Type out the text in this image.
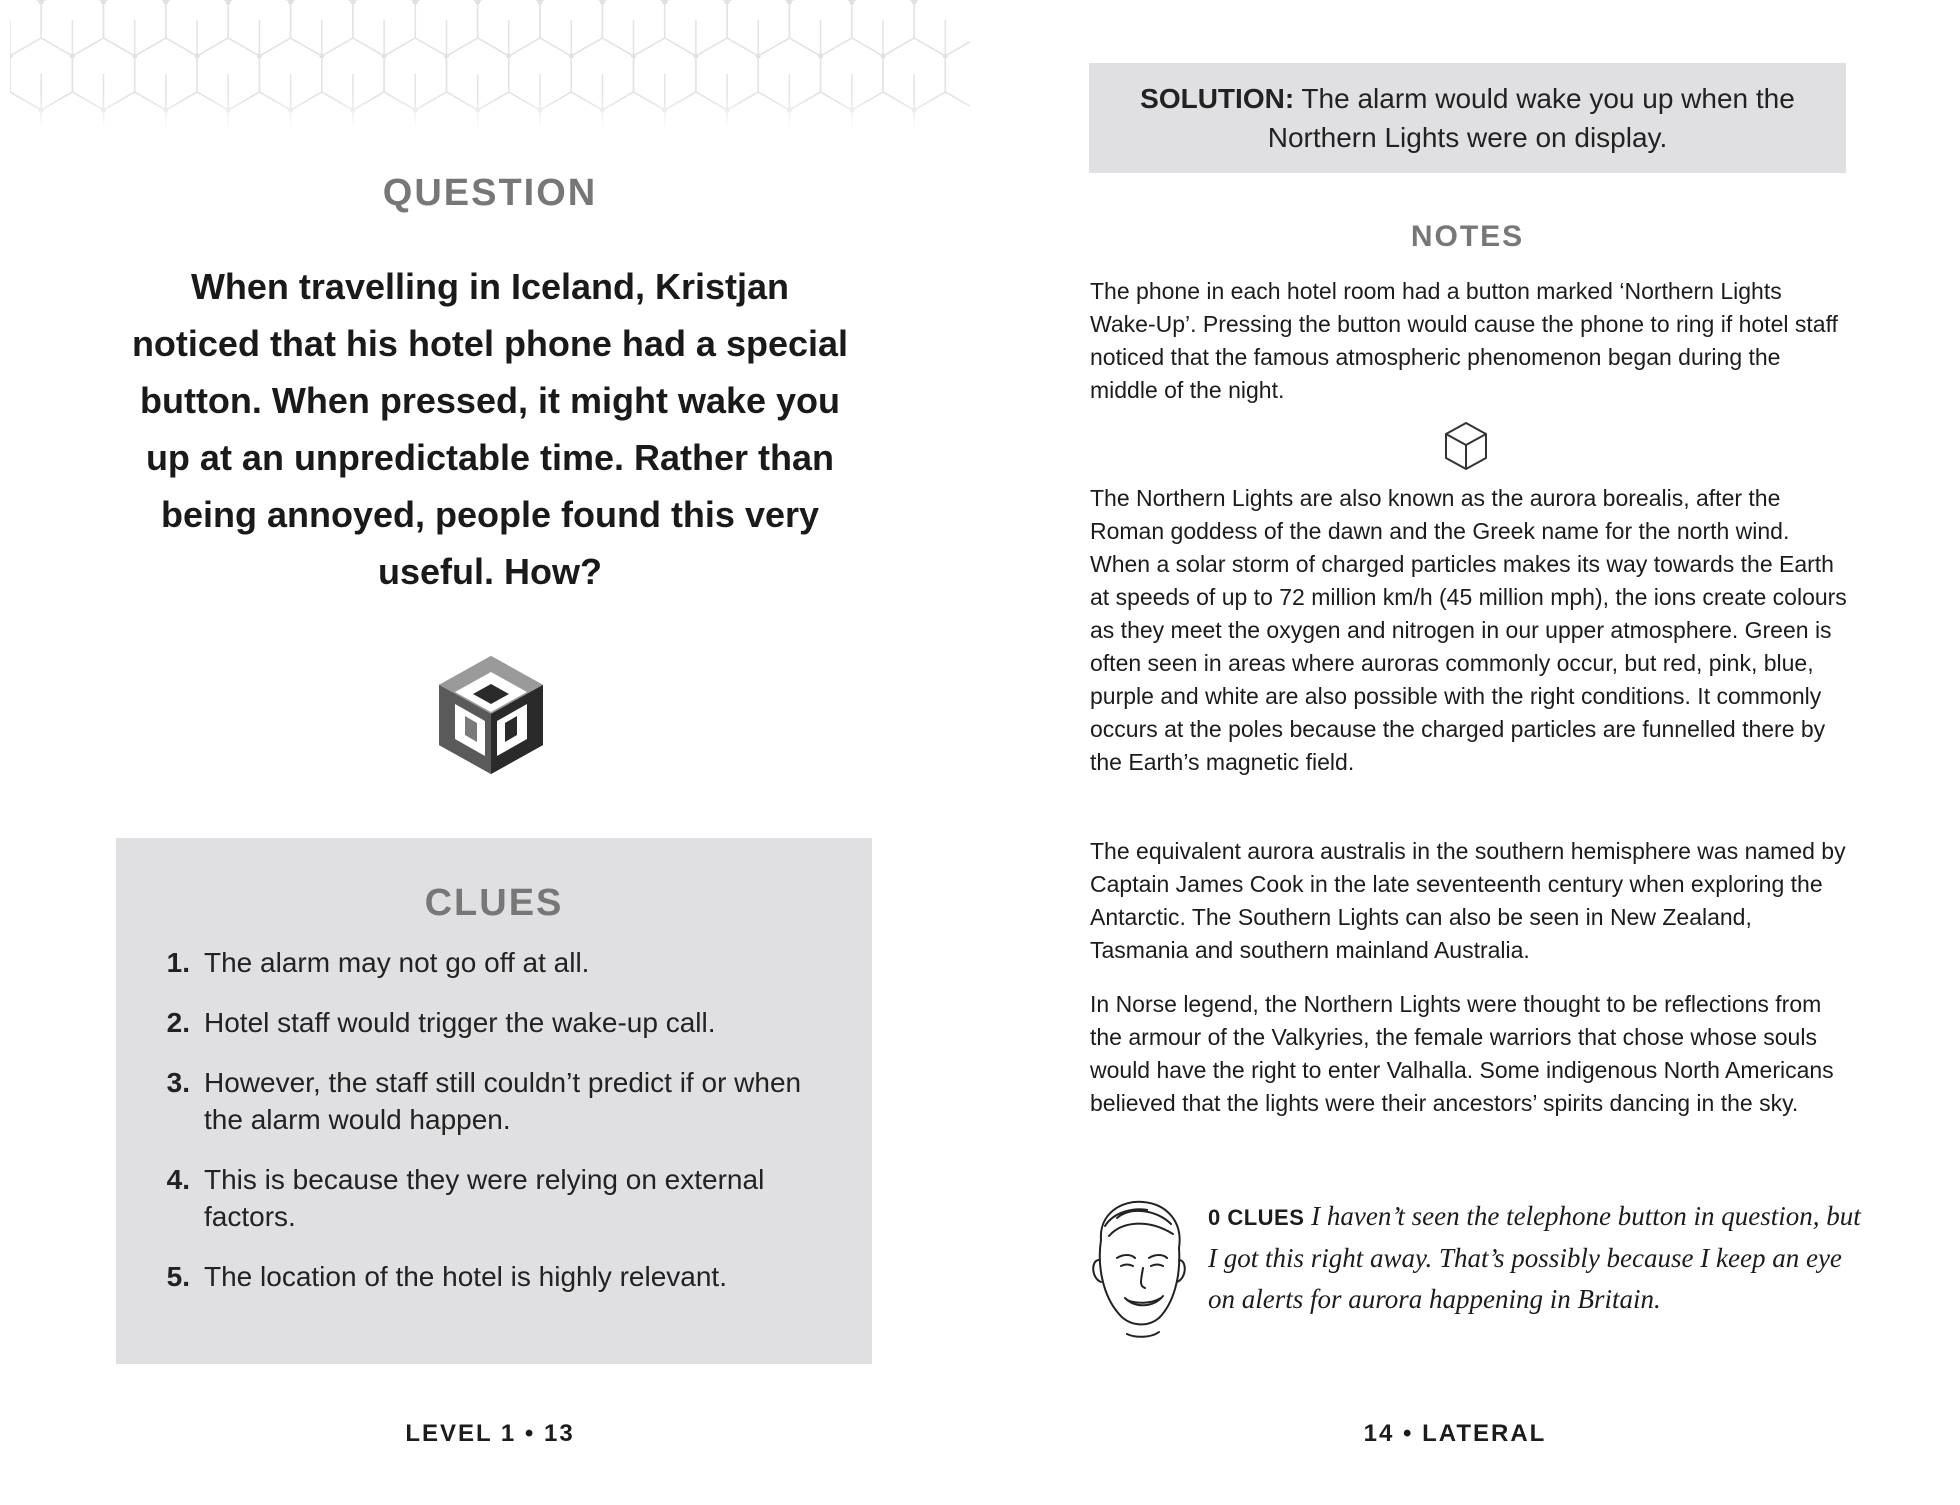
QUESTION
When travelling in Iceland, Kristjan noticed that his hotel phone had a special button. When pressed, it might wake you up at an unpredictable time. Rather than being annoyed, people found this very useful. How?
CLUES
1. The alarm may not go off at all.
2. Hotel staff would trigger the wake-up call.
3. However, the staff still couldn’t predict if or when the alarm would happen.
4. This is because they were relying on external factors.
5. The location of the hotel is highly relevant.
LEVEL 1 • 13
SOLUTION: The alarm would wake you up when the Northern Lights were on display.
NOTES

The phone in each hotel room had a button marked ‘Northern Lights Wake-Up’. Pressing the button would cause the phone to ring if hotel staff noticed that the famous atmospheric phenomenon began during the middle of the night.

The Northern Lights are also known as the aurora borealis, after the Roman goddess of the dawn and the Greek name for the north wind. When a solar storm of charged particles makes its way towards the Earth at speeds of up to 72 million km/h (45 million mph), the ions create colours as they meet the oxygen and nitrogen in our upper atmosphere. Green is often seen in areas where auroras commonly occur, but red, pink, blue, purple and white are also possible with the right conditions. It commonly occurs at the poles because the charged particles are funnelled there by the Earth’s magnetic field.

The equivalent aurora australis in the southern hemisphere was named by Captain James Cook in the late seventeenth century when exploring the Antarctic. The Southern Lights can also be seen in New Zealand, Tasmania and southern mainland Australia.

In Norse legend, the Northern Lights were thought to be reflections from the armour of the Valkyries, the female warriors that chose whose souls would have the right to enter Valhalla. Some indigenous North Americans believed that the lights were their ancestors’ spirits dancing in the sky.

0 CLUES I haven’t seen the telephone button in question, but I got this right away. That’s possibly because I keep an eye on alerts for aurora happening in Britain.
14 • LATERAL
